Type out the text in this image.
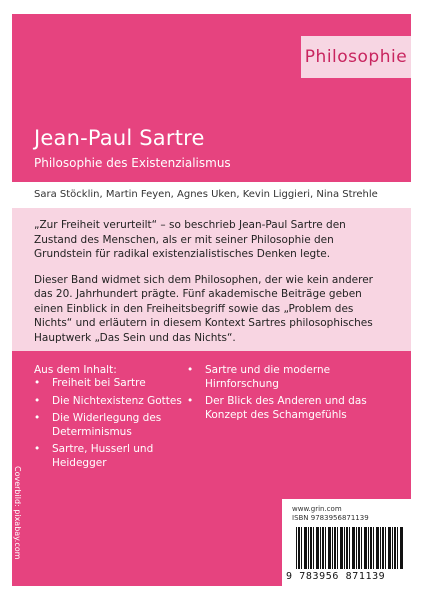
Philosophie
Jean-Paul Sartre
Philosophie des Existenzialismus
Sara Stöcklin, Martin Feyen, Agnes Uken, Kevin Liggieri, Nina Strehle

„Zur Freiheit verurteilt“ – so beschrieb Jean-Paul Sartre den Zustand des Menschen, als er mit seiner Philosophie den Grundstein für radikal existenzialistisches Denken legte.

Dieser Band widmet sich dem Philosophen, der wie kein anderer das 20. Jahrhundert prägte. Fünf akademische Beiträge geben einen Einblick in den Freiheitsbegriff sowie das „Problem des Nichts“ und erläutern in diesem Kontext Sartres philosophisches Hauptwerk „Das Sein und das Nichts“.

Aus dem Inhalt:
• Freiheit bei Sartre
• Die Nichtexistenz Gottes
• Die Widerlegung des Determinismus
• Sartre, Husserl und Heidegger
• Sartre und die moderne Hirnforschung
• Der Blick des Anderen und das Konzept des Schamgefühls
Coverbild: pixabay.com	www.grin.com
ISBN 9783956871139
9 783956 871139
